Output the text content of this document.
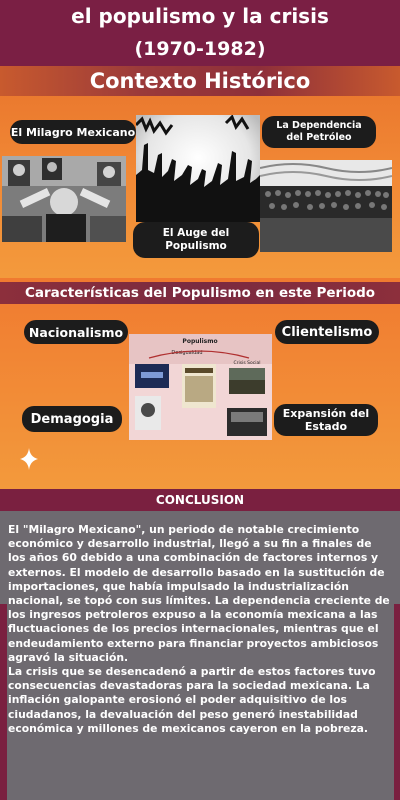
el populismo y la crisis
(1970-1982)
Contexto Histórico
El Milagro Mexicano
El Auge del Populismo
La Dependencia del Petróleo
Características del Populismo en este Periodo
Populismo
Desigualdad
Crisis Social
Nacionalismo	Clientelismo
Demagogia	Expansión del Estado
CONCLUSION

El "Milagro Mexicano", un periodo de notable crecimiento económico y desarrollo industrial, llegó a su fin a finales de los años 60 debido a una combinación de factores internos y externos. El modelo de desarrollo basado en la sustitución de importaciones, que había impulsado la industrialización nacional, se topó con sus límites. La dependencia creciente de los ingresos petroleros expuso a la economía mexicana a las fluctuaciones de los precios internacionales, mientras que el endeudamiento externo para financiar proyectos ambiciosos agravó la situación.

La crisis que se desencadenó a partir de estos factores tuvo consecuencias devastadoras para la sociedad mexicana. La inflación galopante erosionó el poder adquisitivo de los ciudadanos, la devaluación del peso generó inestabilidad económica y millones de mexicanos cayeron en la pobreza.
